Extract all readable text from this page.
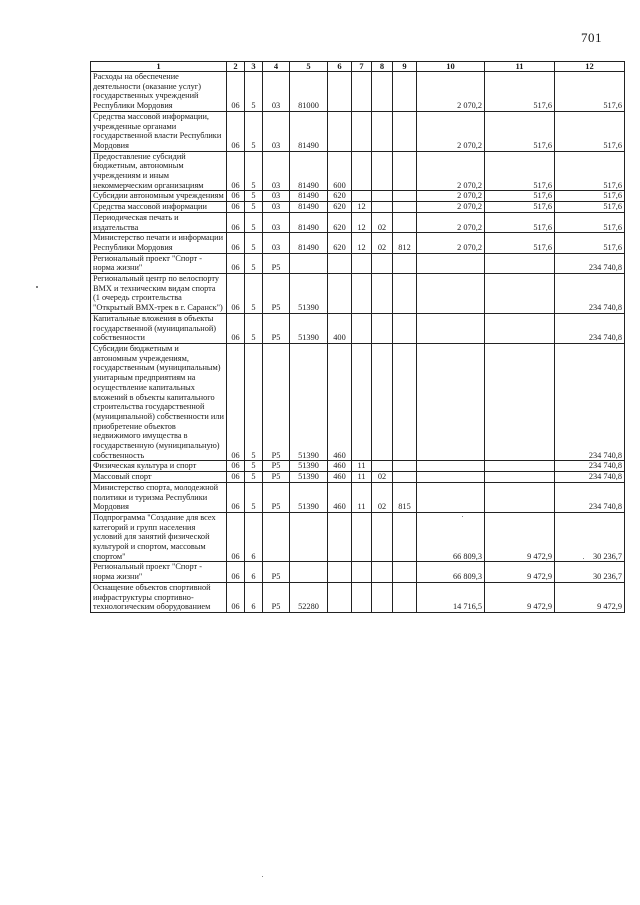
701
1	2	3	4	5	6	7	8	9	10	11	12
Расходы на обеспечение деятельности (оказание услуг) государственных учреждений Республики Мордовия	06	5	03	81000					2 070,2	517,6	517,6
Средства массовой информации, учрежденные органами государственной власти Республики Мордовия	06	5	03	81490					2 070,2	517,6	517,6
Предоставление субсидий бюджетным, автономным учреждениям и иным некоммерческим организациям	06	5	03	81490	600				2 070,2	517,6	517,6
Субсидии автономным учреждениям	06	5	03	81490	620				2 070,2	517,6	517,6
Средства массовой информации	06	5	03	81490	620	12			2 070,2	517,6	517,6
Периодическая печать и издательства	06	5	03	81490	620	12	02		2 070,2	517,6	517,6
Министерство печати и информации Республики Мордовия	06	5	03	81490	620	12	02	812	2 070,2	517,6	517,6
Региональный проект "Спорт - норма жизни"	06	5	P5								234 740,8
Региональный центр по велоспорту BMX и техническим видам спорта (1 очередь строительства "Открытый BMX-трек в г. Саранск")	06	5	P5	51390							234 740,8
Капитальные вложения в объекты государственной (муниципальной) собственности	06	5	P5	51390	400						234 740,8
Субсидии бюджетным и автономным учреждениям, государственным (муниципальным) унитарным предприятиям на осуществление капитальных вложений в объекты капитального строительства государственной (муниципальной) собственности или приобретение объектов недвижимого имущества в государственную (муниципальную) собственность	06	5	P5	51390	460						234 740,8
Физическая культура и спорт	06	5	P5	51390	460	11					234 740,8
Массовый спорт	06	5	P5	51390	460	11	02				234 740,8
Министерство спорта, молодежной политики и туризма Республики Мордовия	06	5	P5	51390	460	11	02	815			234 740,8
Подпрограмма "Создание для всех категорий и групп населения условий для занятий физической культурой и спортом, массовым спортом"	06	6							66 809,3	9 472,9	30 236,7
Региональный проект "Спорт - норма жизни"	06	6	P5						66 809,3	9 472,9	30 236,7
Оснащение объектов спортивной инфраструктуры спортивно-технологическим оборудованием	06	6	P5	52280					14 716,5	9 472,9	9 472,9
